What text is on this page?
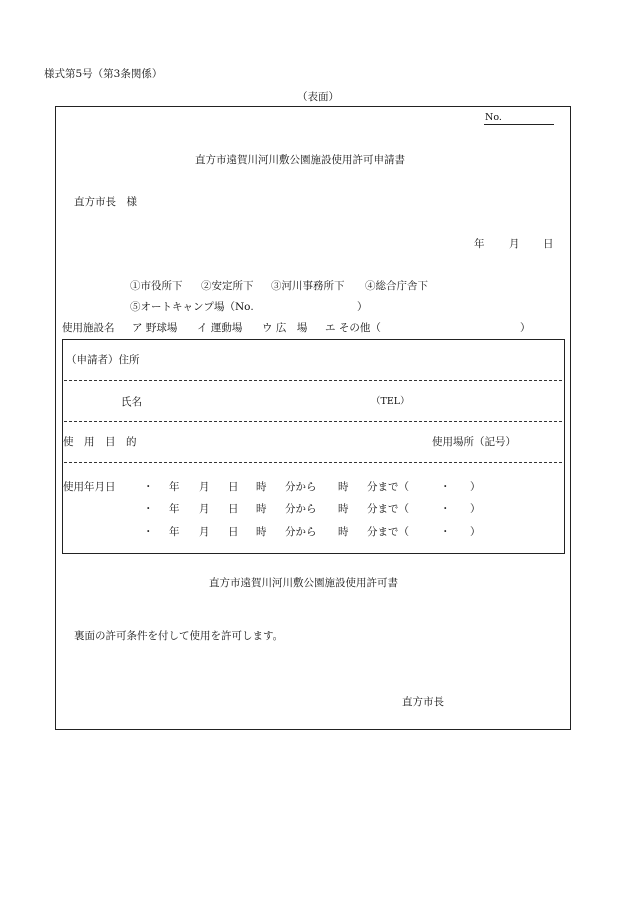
様式第5号（第3条関係）
（表面）
No.
直方市遠賀川河川敷公園施設使用許可申請書
直方市長　様
年 月 日
①市役所下 ②安定所下 ③河川事務所下 ④総合庁舎下
⑤オートキャンプ場（No.	）
使用施設名 ア 野球場 イ 運動場 ウ 広　場 エ その他（	）
（申請者）住所
氏名	（TEL）
使　用　目　的	使用場所（記号）
使用年月日	・ 年 月 日 時 分から 時 分まで（	・ ）
・ 年 月 日 時 分から 時 分まで（	・ ）
・ 年 月 日 時 分から 時 分まで（	・ ）
直方市遠賀川河川敷公園施設使用許可書
裏面の許可条件を付して使用を許可します。
直方市長
